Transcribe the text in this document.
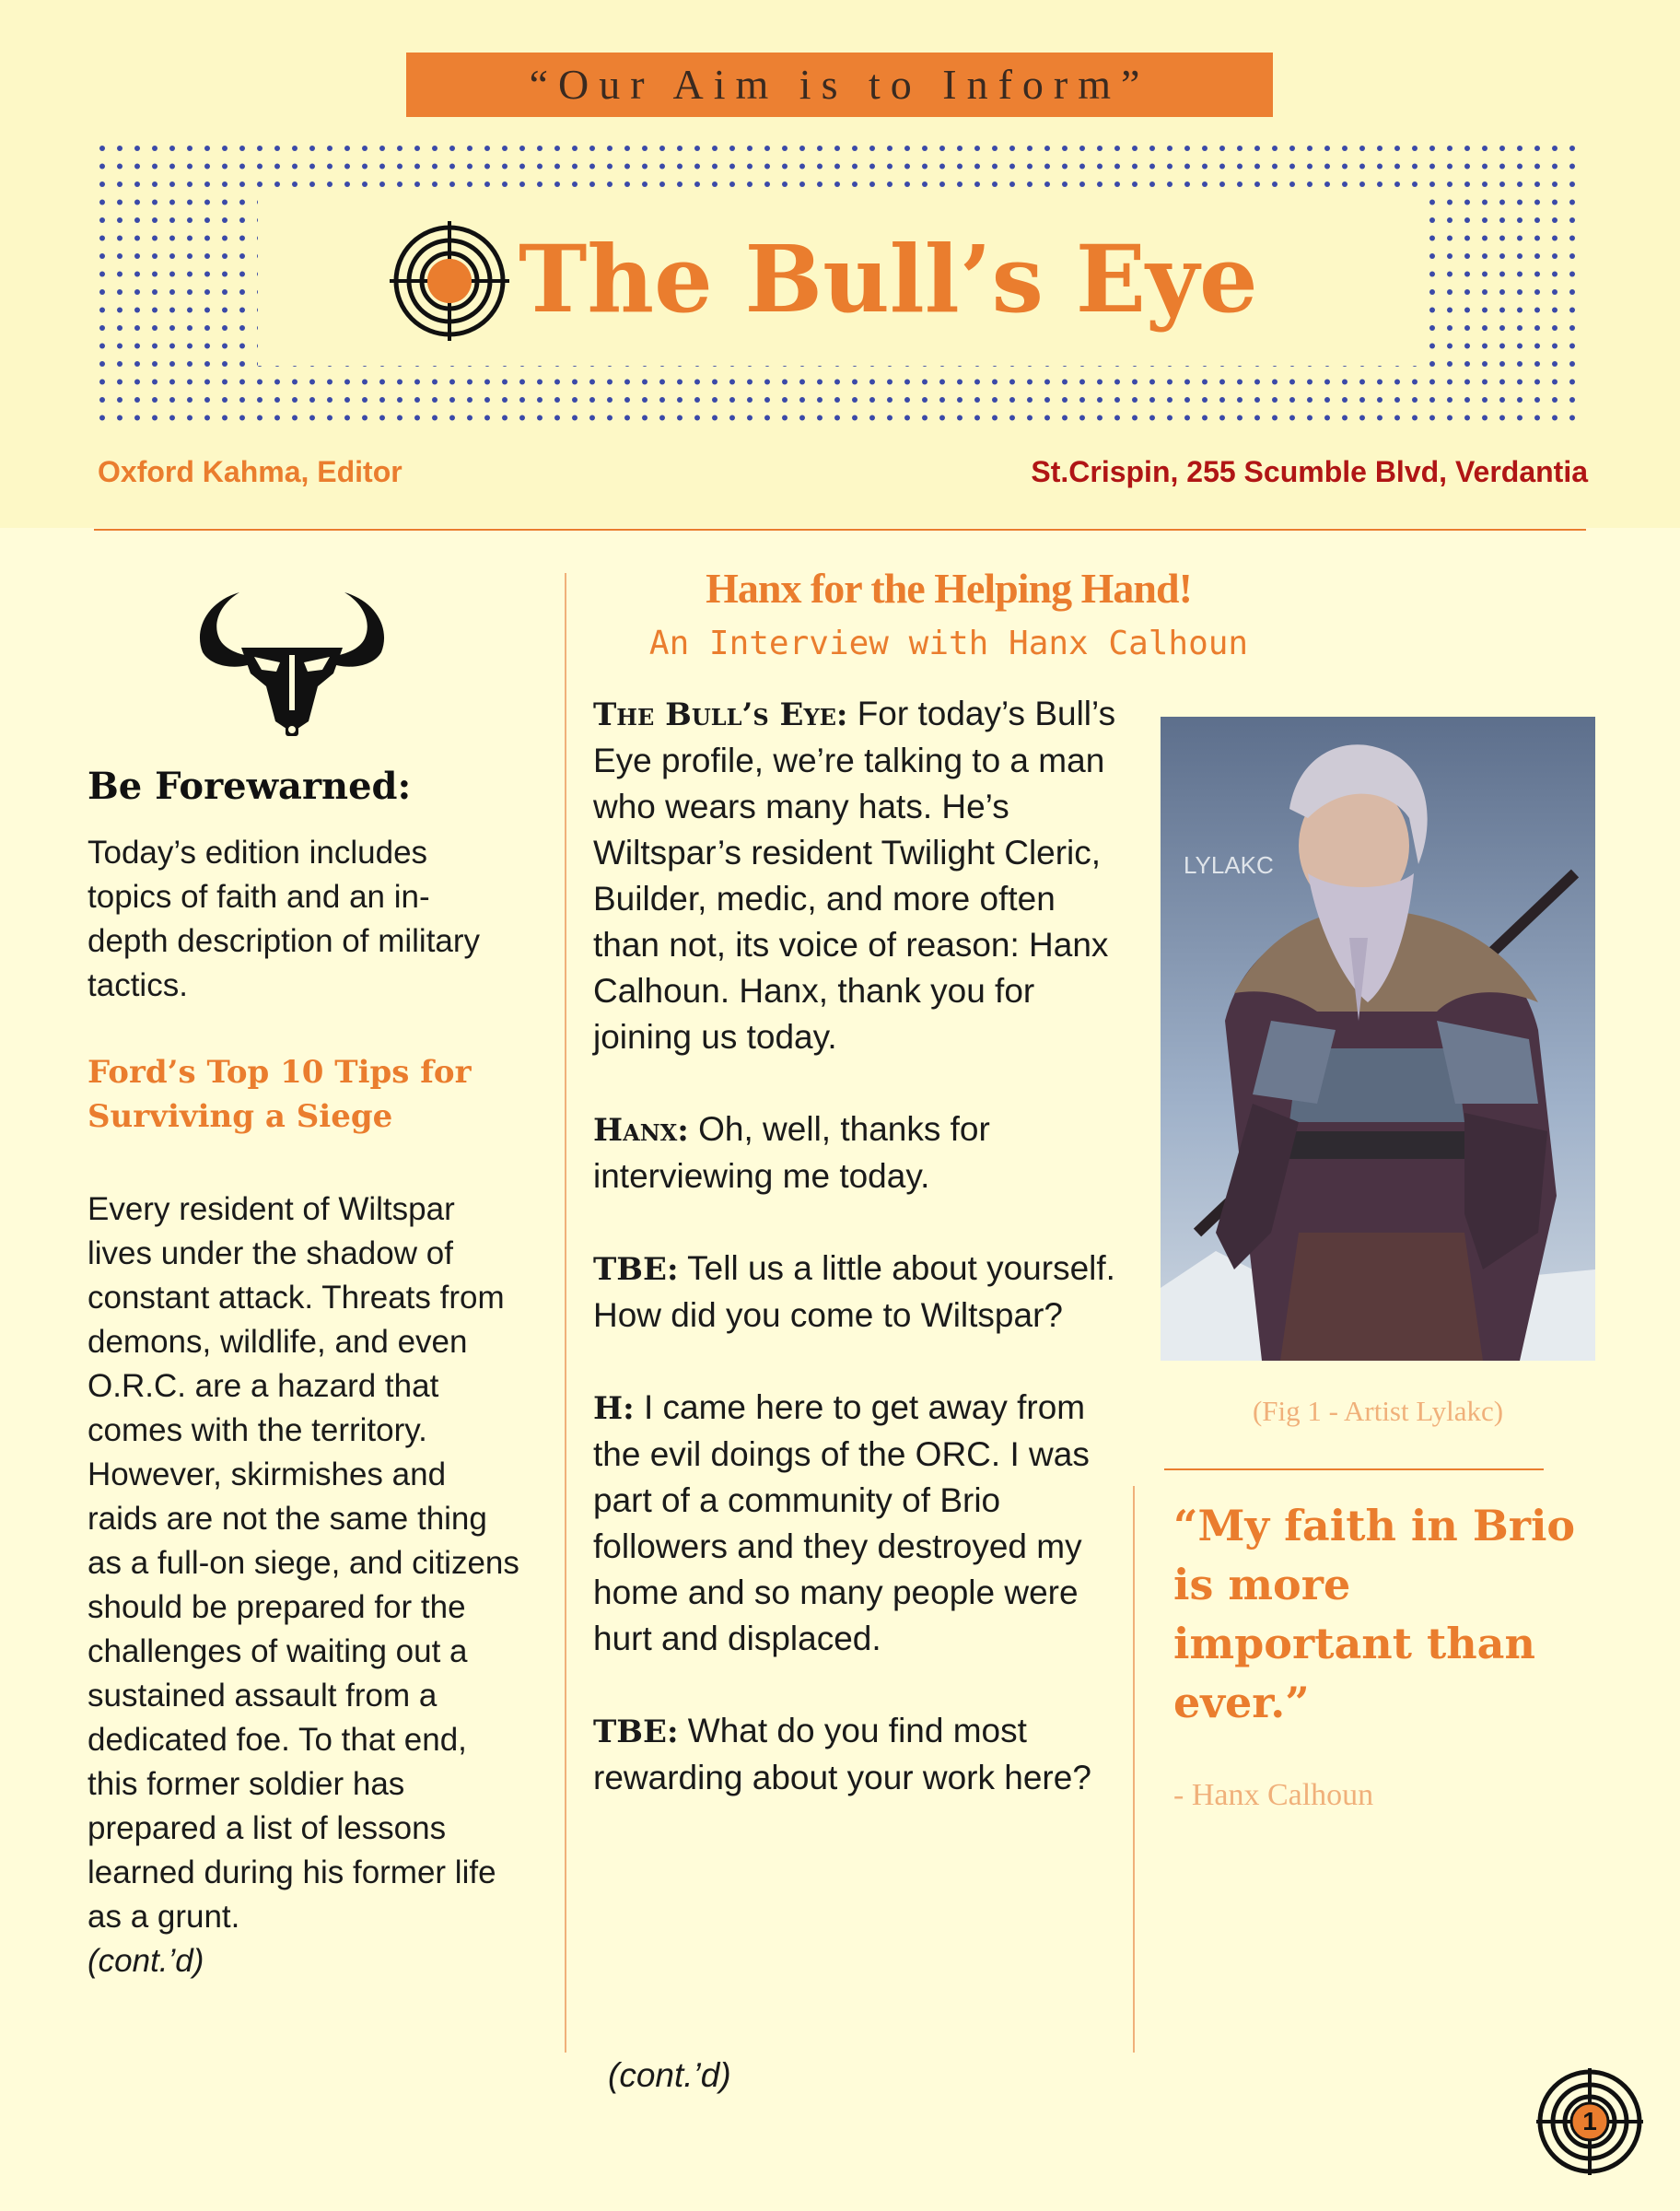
“Our Aim is to Inform”
The Bull’s Eye
Oxford Kahma, Editor	St.Crispin, 255 Scumble Blvd, Verdantia
Be Forewarned:
Today’s edition includes topics of faith and an in-depth description of military tactics.
Ford’s Top 10 Tips for Surviving a Siege
Every resident of Wiltspar lives under the shadow of constant attack. Threats from demons, wildlife, and even O.R.C. are a hazard that comes with the territory. However, skirmishes and raids are not the same thing as a full-on siege, and citizens should be prepared for the challenges of waiting out a sustained assault from a dedicated foe. To that end, this former soldier has prepared a list of lessons learned during his former life as a grunt.
(cont.’d)
Hanx for the Helping Hand!
An Interview with Hanx Calhoun

The Bull’s Eye: For today’s Bull’s Eye profile, we’re talking to a man who wears many hats. He’s Wiltspar’s resident Twilight Cleric, Builder, medic, and more often than not, its voice of reason: Hanx Calhoun. Hanx, thank you for joining us today.

Hanx: Oh, well, thanks for interviewing me today.

TBE: Tell us a little about yourself. How did you come to Wiltspar?

H: I came here to get away from the evil doings of the ORC. I was part of a community of Brio followers and they destroyed my home and so many people were hurt and displaced.

TBE: What do you find most rewarding about your work here?

(cont.’d)
LYLAKC
(Fig 1 - Artist Lylakc)
“My faith in Brio is more important than ever.”
- Hanx Calhoun
1
